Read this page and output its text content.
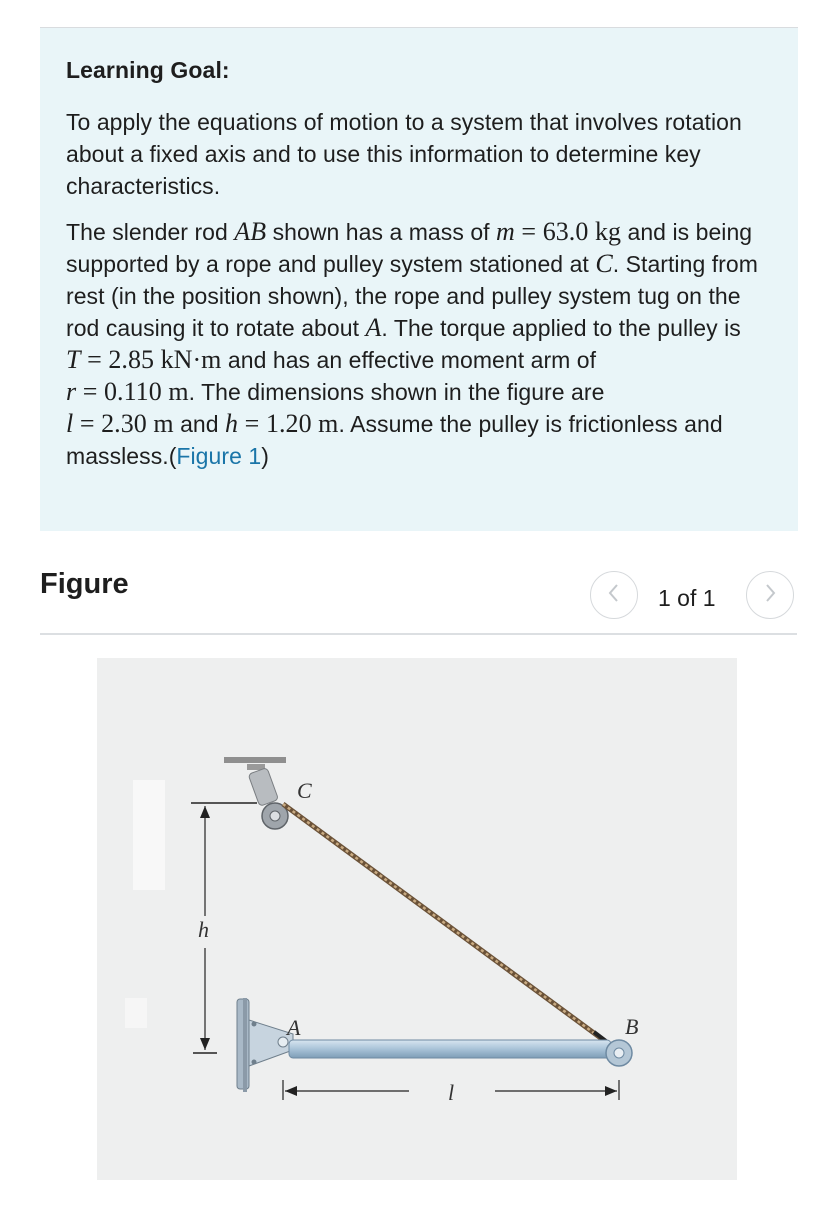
Learning Goal:

To apply the equations of motion to a system that involves rotation about a fixed axis and to use this information to determine key characteristics.

The slender rod AB shown has a mass of m = 63.0 kg and is being supported by a rope and pulley system stationed at C. Starting from rest (in the position shown), the rope and pulley system tug on the rod causing it to rotate about A. The torque applied to the pulley is
T = 2.85 kN·m and has an effective moment arm of
r = 0.110 m. The dimensions shown in the figure are
l = 2.30 m and h = 1.20 m. Assume the pulley is frictionless and massless.(Figure 1)

Figure	1 of 1
C
A	B
h
l
